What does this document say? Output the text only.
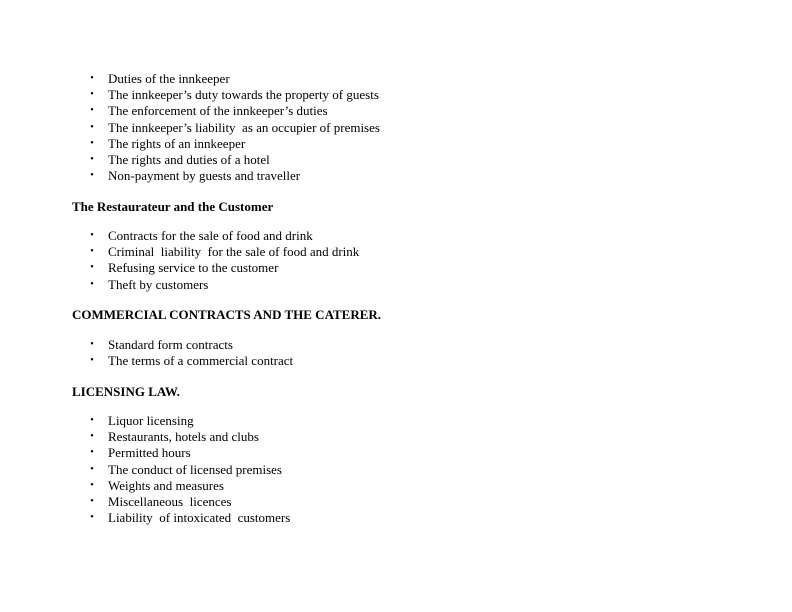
• Duties of the innkeeper
• The innkeeper’s duty towards the property of guests
• The enforcement of the innkeeper’s duties
• The innkeeper’s liability  as an occupier of premises
• The rights of an innkeeper
• The rights and duties of a hotel
• Non-payment by guests and traveller
The Restaurateur and the Customer
• Contracts for the sale of food and drink
• Criminal  liability  for the sale of food and drink
• Refusing service to the customer
• Theft by customers
COMMERCIAL CONTRACTS AND THE CATERER.
• Standard form contracts
• The terms of a commercial contract
LICENSING LAW.
• Liquor licensing
• Restaurants, hotels and clubs
• Permitted hours
• The conduct of licensed premises
• Weights and measures
• Miscellaneous  licences
• Liability  of intoxicated  customers
